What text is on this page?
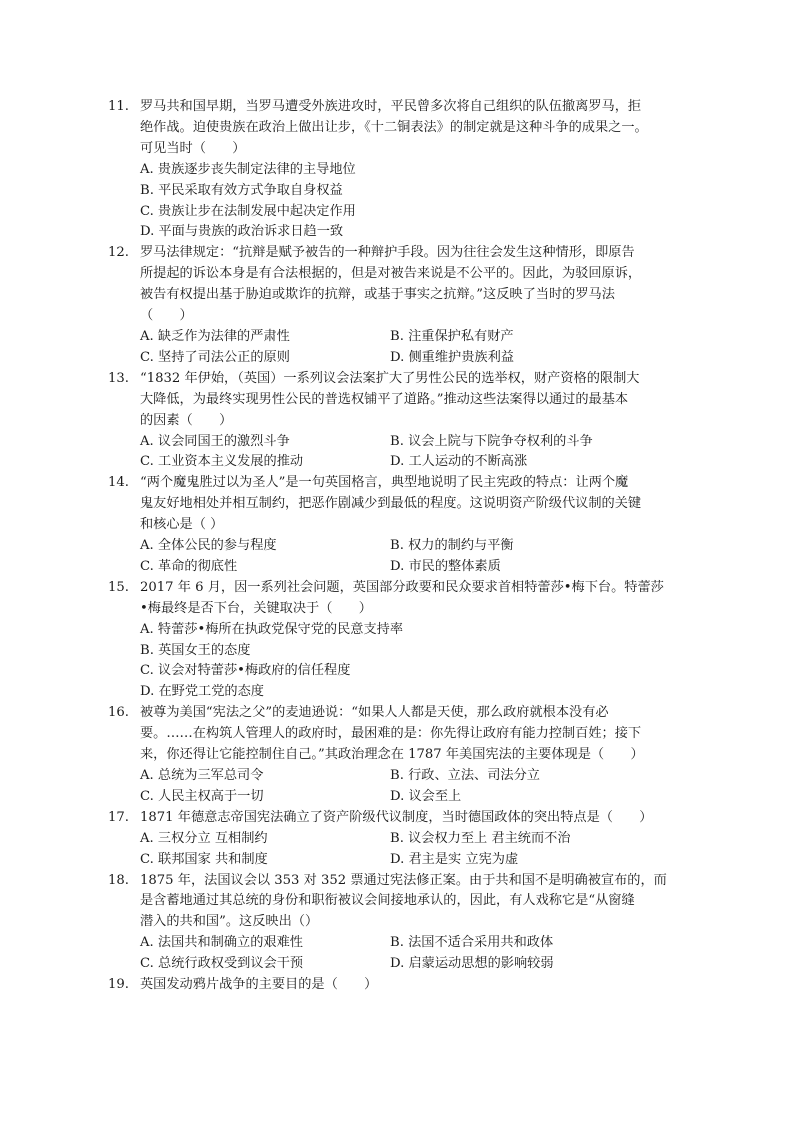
11. 罗马共和国早期，当罗马遭受外族进攻时，平民曾多次将自己组织的队伍撤离罗马，拒
绝作战。迫使贵族在政治上做出让步，《十二铜表法》的制定就是这种斗争的成果之一。
可见当时（　　）
A. 贵族逐步丧失制定法律的主导地位
B. 平民采取有效方式争取自身权益
C. 贵族让步在法制发展中起决定作用
D. 平面与贵族的政治诉求日趋一致
12. 罗马法律规定：“抗辩是赋予被告的一种辩护手段。因为往往会发生这种情形，即原告
所提起的诉讼本身是有合法根据的，但是对被告来说是不公平的。因此，为驳回原诉，
被告有权提出基于胁迫或欺诈的抗辩，或基于事实之抗辩。”这反映了当时的罗马法
（　　）
A. 缺乏作为法律的严肃性	B. 注重保护私有财产
C. 坚持了司法公正的原则	D. 侧重维护贵族利益
13. “1832 年伊始，（英国）一系列议会法案扩大了男性公民的选举权，财产资格的限制大
大降低，为最终实现男性公民的普选权铺平了道路。”推动这些法案得以通过的最基本
的因素（　　）
A. 议会同国王的激烈斗争	B. 议会上院与下院争夺权利的斗争
C. 工业资本主义发展的推动	D. 工人运动的不断高涨
14. “两个魔鬼胜过以为圣人”是一句英国格言，典型地说明了民主宪政的特点：让两个魔
鬼友好地相处并相互制约，把恶作剧减少到最低的程度。这说明资产阶级代议制的关键
和核心是（ ）
A. 全体公民的参与程度	B. 权力的制约与平衡
C. 革命的彻底性	D. 市民的整体素质
15. 2017 年 6 月，因一系列社会问题，英国部分政要和民众要求首相特蕾莎•梅下台。特蕾莎
•梅最终是否下台，关键取决于（　　）
A. 特蕾莎•梅所在执政党保守党的民意支持率
B. 英国女王的态度
C. 议会对特蕾莎•梅政府的信任程度
D. 在野党工党的态度
16. 被尊为美国“宪法之父”的麦迪逊说：“如果人人都是天使，那么政府就根本没有必
要。……在构筑人管理人的政府时，最困难的是：你先得让政府有能力控制百姓；接下
来，你还得让它能控制住自己。”其政治理念在 1787 年美国宪法的主要体现是（　　）
A. 总统为三军总司令	B. 行政、立法、司法分立
C. 人民主权高于一切	D. 议会至上
17. 1871 年德意志帝国宪法确立了资产阶级代议制度，当时德国政体的突出特点是（　　）
A. 三权分立 互相制约	B. 议会权力至上 君主统而不治
C. 联邦国家 共和制度	D. 君主是实 立宪为虚
18. 1875 年，法国议会以 353 对 352 票通过宪法修正案。由于共和国不是明确被宣布的，而
是含蓄地通过其总统的身份和职衔被议会间接地承认的，因此，有人戏称它是“从窗缝
潜入的共和国”。这反映出（）
A. 法国共和制确立的艰难性	B. 法国不适合采用共和政体
C. 总统行政权受到议会干预	D. 启蒙运动思想的影响较弱
19. 英国发动鸦片战争的主要目的是（　　）
